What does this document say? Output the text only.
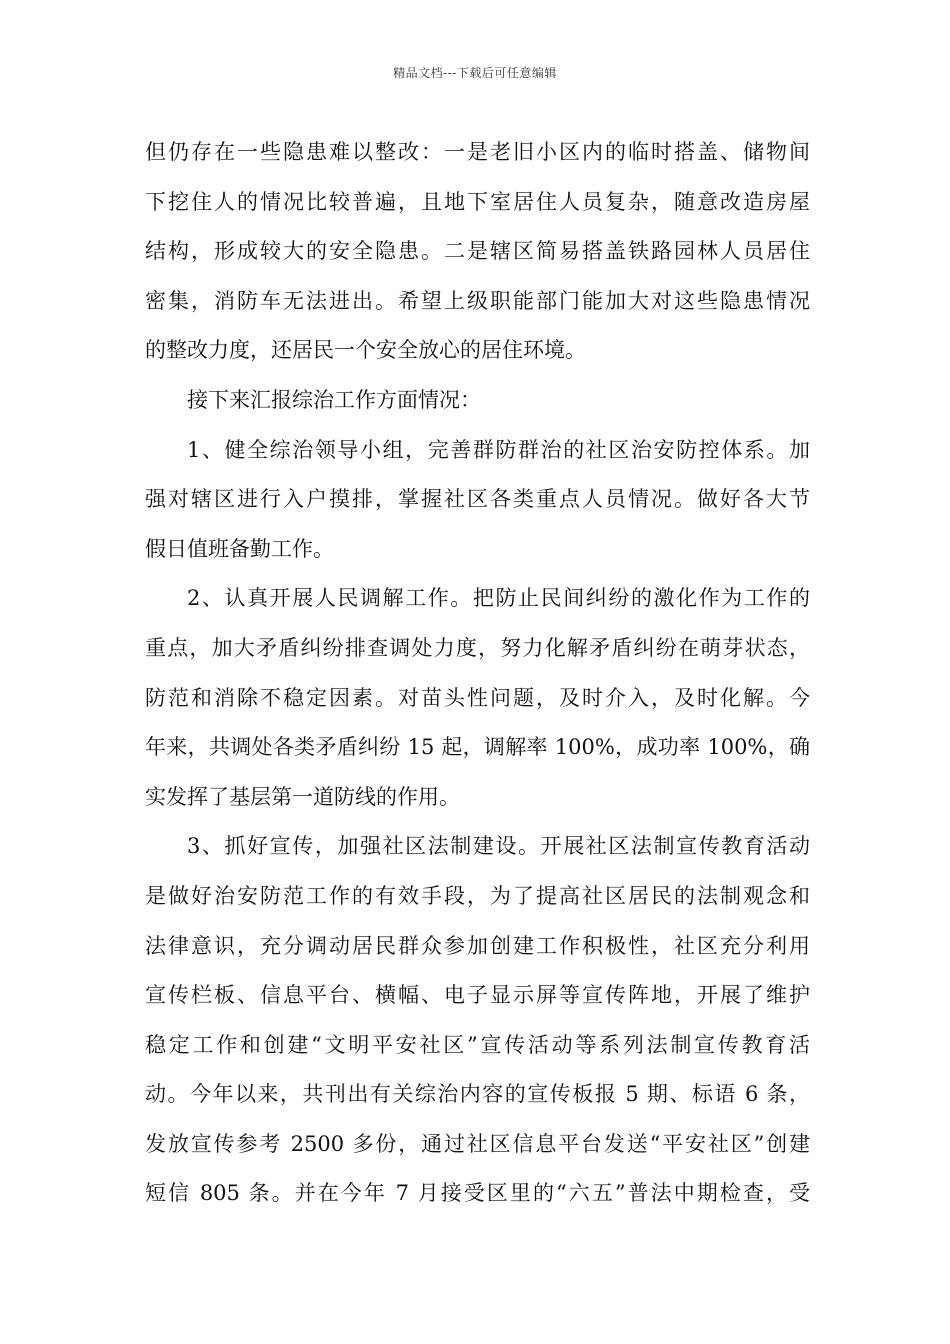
精品文档---下载后可任意编辑
但仍存在一些隐患难以整改：一是老旧小区内的临时搭盖、储物间
下挖住人的情况比较普遍，且地下室居住人员复杂，随意改造房屋
结构，形成较大的安全隐患。二是辖区简易搭盖铁路园林人员居住
密集，消防车无法进出。希望上级职能部门能加大对这些隐患情况
的整改力度，还居民一个安全放心的居住环境。
接下来汇报综治工作方面情况：
1、健全综治领导小组，完善群防群治的社区治安防控体系。加
强对辖区进行入户摸排，掌握社区各类重点人员情况。做好各大节
假日值班备勤工作。
2、认真开展人民调解工作。把防止民间纠纷的激化作为工作的
重点，加大矛盾纠纷排查调处力度，努力化解矛盾纠纷在萌芽状态，
防范和消除不稳定因素。对苗头性问题，及时介入，及时化解。今
年来，共调处各类矛盾纠纷 15 起，调解率 100%，成功率 100%，确
实发挥了基层第一道防线的作用。
3、抓好宣传，加强社区法制建设。开展社区法制宣传教育活动
是做好治安防范工作的有效手段，为了提高社区居民的法制观念和
法律意识，充分调动居民群众参加创建工作积极性，社区充分利用
宣传栏板、信息平台、横幅、电子显示屏等宣传阵地，开展了维护
稳定工作和创建“文明平安社区”宣传活动等系列法制宣传教育活
动。今年以来，共刊出有关综治内容的宣传板报 5 期、标语 6 条，
发放宣传参考 2500 多份，通过社区信息平台发送“平安社区”创建
短信 805 条。并在今年 7 月接受区里的“六五”普法中期检查，受
